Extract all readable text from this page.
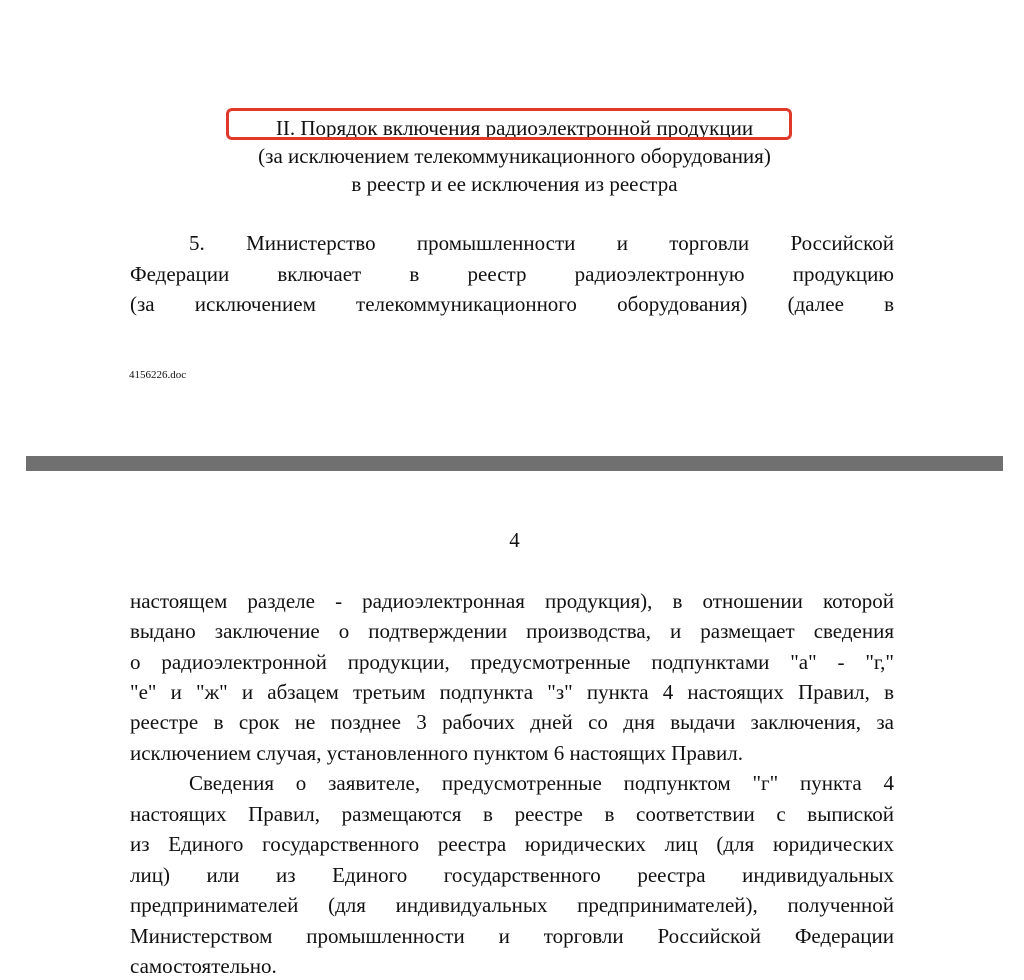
II. Порядок включения радиоэлектронной продукции
(за исключением телекоммуникационного оборудования)
в реестр и ее исключения из реестра
5. Министерство промышленности и торговли Российской
Федерации включает в реестр радиоэлектронную продукцию
(за исключением телекоммуникационного оборудования) (далее в
4156226.doc
4
настоящем разделе - радиоэлектронная продукция), в отношении которой
выдано заключение о подтверждении производства, и размещает сведения
о радиоэлектронной продукции, предусмотренные подпунктами "а" - "г,"
"е" и "ж" и абзацем третьим подпункта "з" пункта 4 настоящих Правил, в
реестре в срок не позднее 3 рабочих дней со дня выдачи заключения, за
исключением случая, установленного пунктом 6 настоящих Правил.
Сведения о заявителе, предусмотренные подпунктом "г" пункта 4
настоящих Правил, размещаются в реестре в соответствии с выпиской
из Единого государственного реестра юридических лиц (для юридических
лиц) или из Единого государственного реестра индивидуальных
предпринимателей (для индивидуальных предпринимателей), полученной
Министерством промышленности и торговли Российской Федерации
самостоятельно.
